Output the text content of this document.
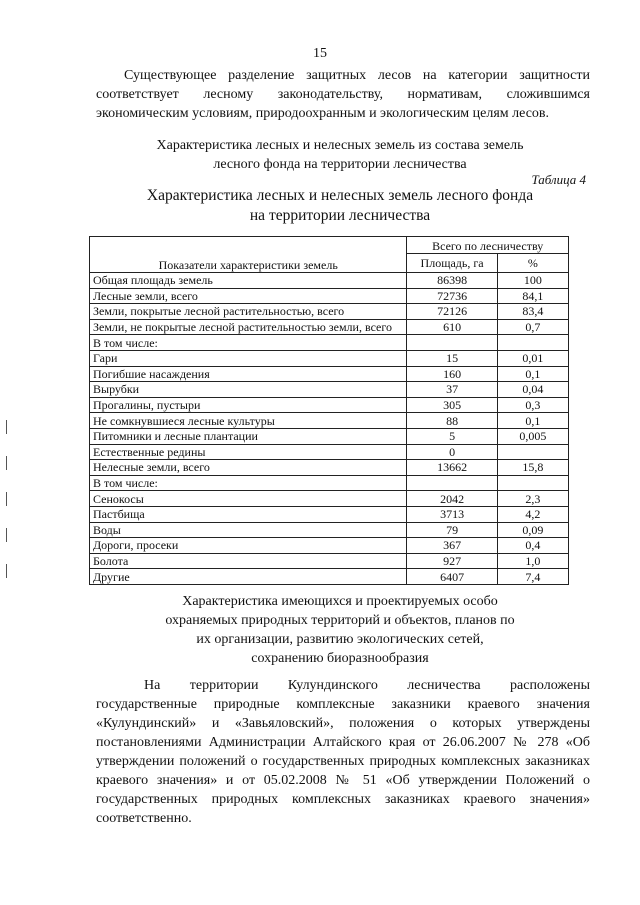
15

Существующее разделение защитных лесов на категории защитности соответствует лесному законодательству, нормативам, сложившимся экономическим условиям, природоохранным и экологическим целям лесов.

Характеристика лесных и нелесных земель из состава земель
лесного фонда на территории лесничества
Таблица 4
Характеристика лесных и нелесных земель лесного фонда
на территории лесничества
Показатели характеристики земель	Всего по лесничеству	
	Площадь, га	%
Общая площадь земель	86398	100
Лесные земли, всего	72736	84,1
Земли, покрытые лесной растительностью, всего	72126	83,4
Земли, не покрытые лесной растительностью земли, всего	610	0,7
В том числе:		
Гари	15	0,01
Погибшие насаждения	160	0,1
Вырубки	37	0,04
Прогалины, пустыри	305	0,3
Не сомкнувшиеся лесные культуры	88	0,1
Питомники и лесные плантации	5	0,005
Естественные редины	0	
Нелесные земли, всего	13662	15,8
В том числе:		
Сенокосы	2042	2,3
Пастбища	3713	4,2
Воды	79	0,09
Дороги, просеки	367	0,4
Болота	927	1,0
Другие	6407	7,4
Характеристика имеющихся и проектируемых особо
охраняемых природных территорий и объектов, планов по
их организации, развитию экологических сетей,
сохранению биоразнообразия

На территории Кулундинского лесничества расположены государственные природные комплексные заказники краевого значения «Кулундинский» и «Завьяловский», положения о которых утверждены постановлениями Администрации Алтайского края от 26.06.2007 № 278 «Об утверждении положений о государственных природных комплексных заказниках краевого значения» и от 05.02.2008 № 51 «Об утверждении Положений о государственных природных комплексных заказниках краевого значения» соответственно.
